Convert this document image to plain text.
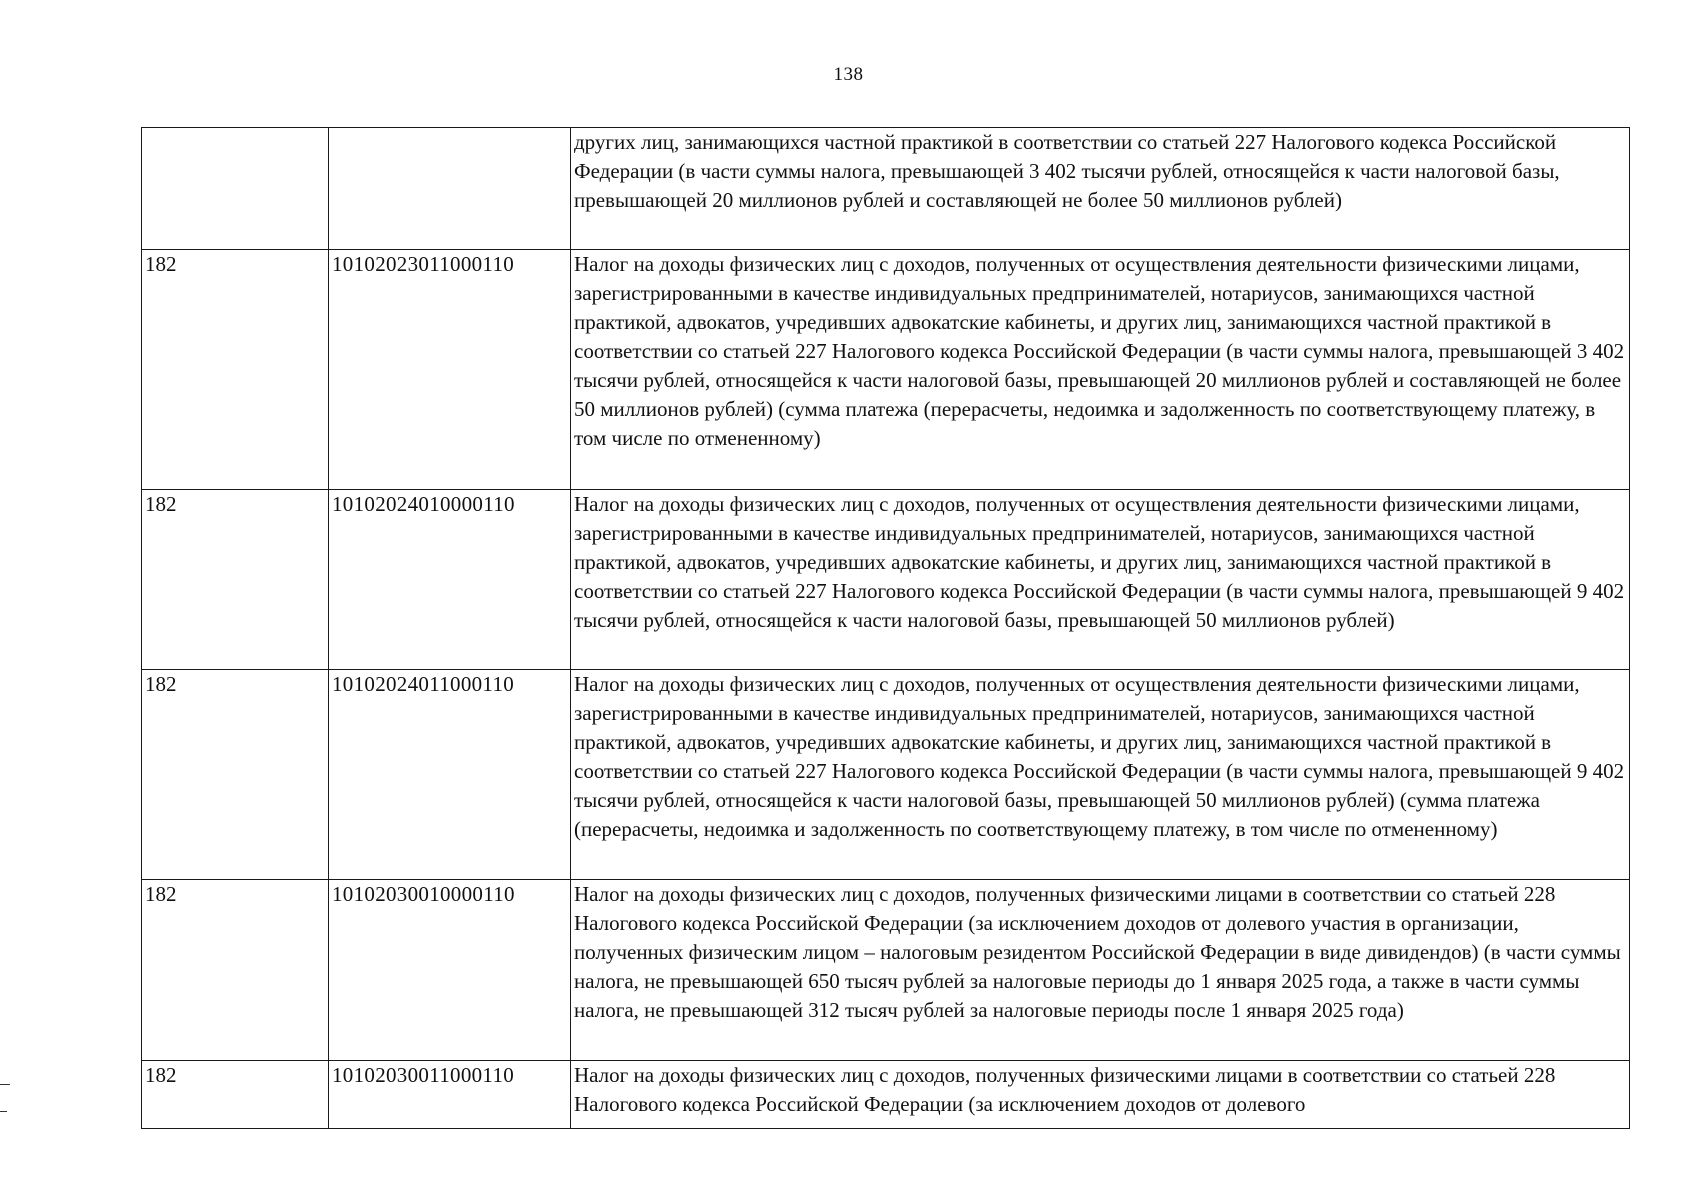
138
		других лиц, занимающихся частной практикой в соответствии со статьей 227 Налогового кодекса Российской Федерации (в части суммы налога, превышающей 3 402 тысячи рублей, относящейся к части налоговой базы, превышающей 20 миллионов рублей и составляющей не более 50 миллионов рублей)
182	10102023011000110	Налог на доходы физических лиц с доходов, полученных от осуществления деятельности физическими лицами, зарегистрированными в качестве индивидуальных предпринимателей, нотариусов, занимающихся частной практикой, адвокатов, учредивших адвокатские кабинеты, и других лиц, занимающихся частной практикой в соответствии со статьей 227 Налогового кодекса Российской Федерации (в части суммы налога, превышающей 3 402 тысячи рублей, относящейся к части налоговой базы, превышающей 20 миллионов рублей и составляющей не более 50 миллионов рублей) (сумма платежа (перерасчеты, недоимка и задолженность по соответствующему платежу, в том числе по отмененному)
182	10102024010000110	Налог на доходы физических лиц с доходов, полученных от осуществления деятельности физическими лицами, зарегистрированными в качестве индивидуальных предпринимателей, нотариусов, занимающихся частной практикой, адвокатов, учредивших адвокатские кабинеты, и других лиц, занимающихся частной практикой в соответствии со статьей 227 Налогового кодекса Российской Федерации (в части суммы налога, превышающей 9 402 тысячи рублей, относящейся к части налоговой базы, превышающей 50 миллионов рублей)
182	10102024011000110	Налог на доходы физических лиц с доходов, полученных от осуществления деятельности физическими лицами, зарегистрированными в качестве индивидуальных предпринимателей, нотариусов, занимающихся частной практикой, адвокатов, учредивших адвокатские кабинеты, и других лиц, занимающихся частной практикой в соответствии со статьей 227 Налогового кодекса Российской Федерации (в части суммы налога, превышающей 9 402 тысячи рублей, относящейся к части налоговой базы, превышающей 50 миллионов рублей) (сумма платежа (перерасчеты, недоимка и задолженность по соответствующему платежу, в том числе по отмененному)
182	10102030010000110	Налог на доходы физических лиц с доходов, полученных физическими лицами в соответствии со статьей 228 Налогового кодекса Российской Федерации (за исключением доходов от долевого участия в организации, полученных физическим лицом – налоговым резидентом Российской Федерации в виде дивидендов) (в части суммы налога, не превышающей 650 тысяч рублей за налоговые периоды до 1 января 2025 года, а также в части суммы налога, не превышающей 312 тысяч рублей за налоговые периоды после 1 января 2025 года)
182	10102030011000110	Налог на доходы физических лиц с доходов, полученных физическими лицами в соответствии со статьей 228 Налогового кодекса Российской Федерации (за исключением доходов от долевого
